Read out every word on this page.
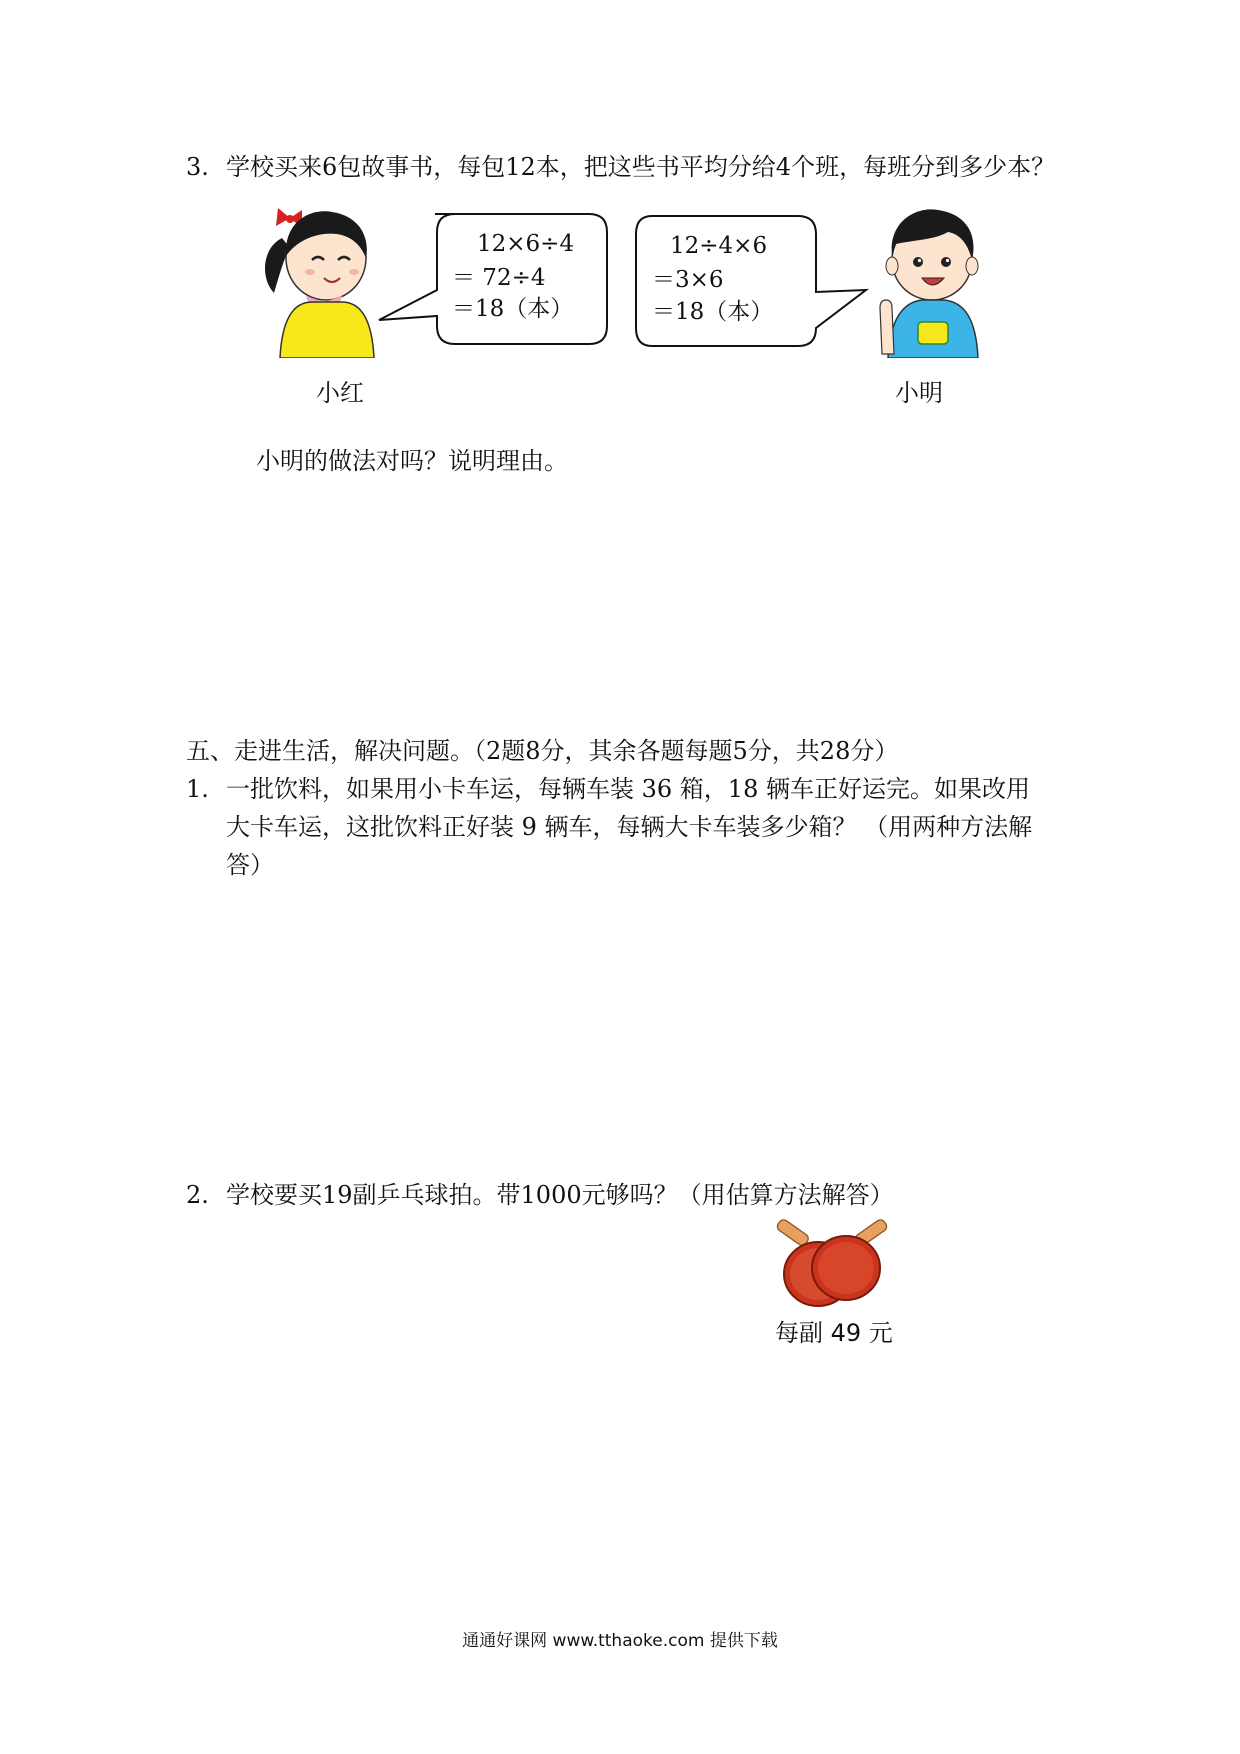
3. 学校买来6包故事书，每包12本，把这些书平均分给4个班，每班分到多少本？
12×6÷4
＝ 72÷4
＝18（本）
12÷4×6
＝3×6
＝18（本）
小红	小明
小明的做法对吗？说明理由。
五、走进生活，解决问题。（2题8分，其余各题每题5分，共28分）
1. 一批饮料，如果用小卡车运，每辆车装 36 箱，18 辆车正好运完。如果改用
大卡车运，这批饮料正好装 9 辆车，每辆大卡车装多少箱？ （用两种方法解
答）
2. 学校要买19副乒乓球拍。带1000元够吗？（用估算方法解答）
每副 49 元
通通好课网 www.tthaoke.com 提供下载
